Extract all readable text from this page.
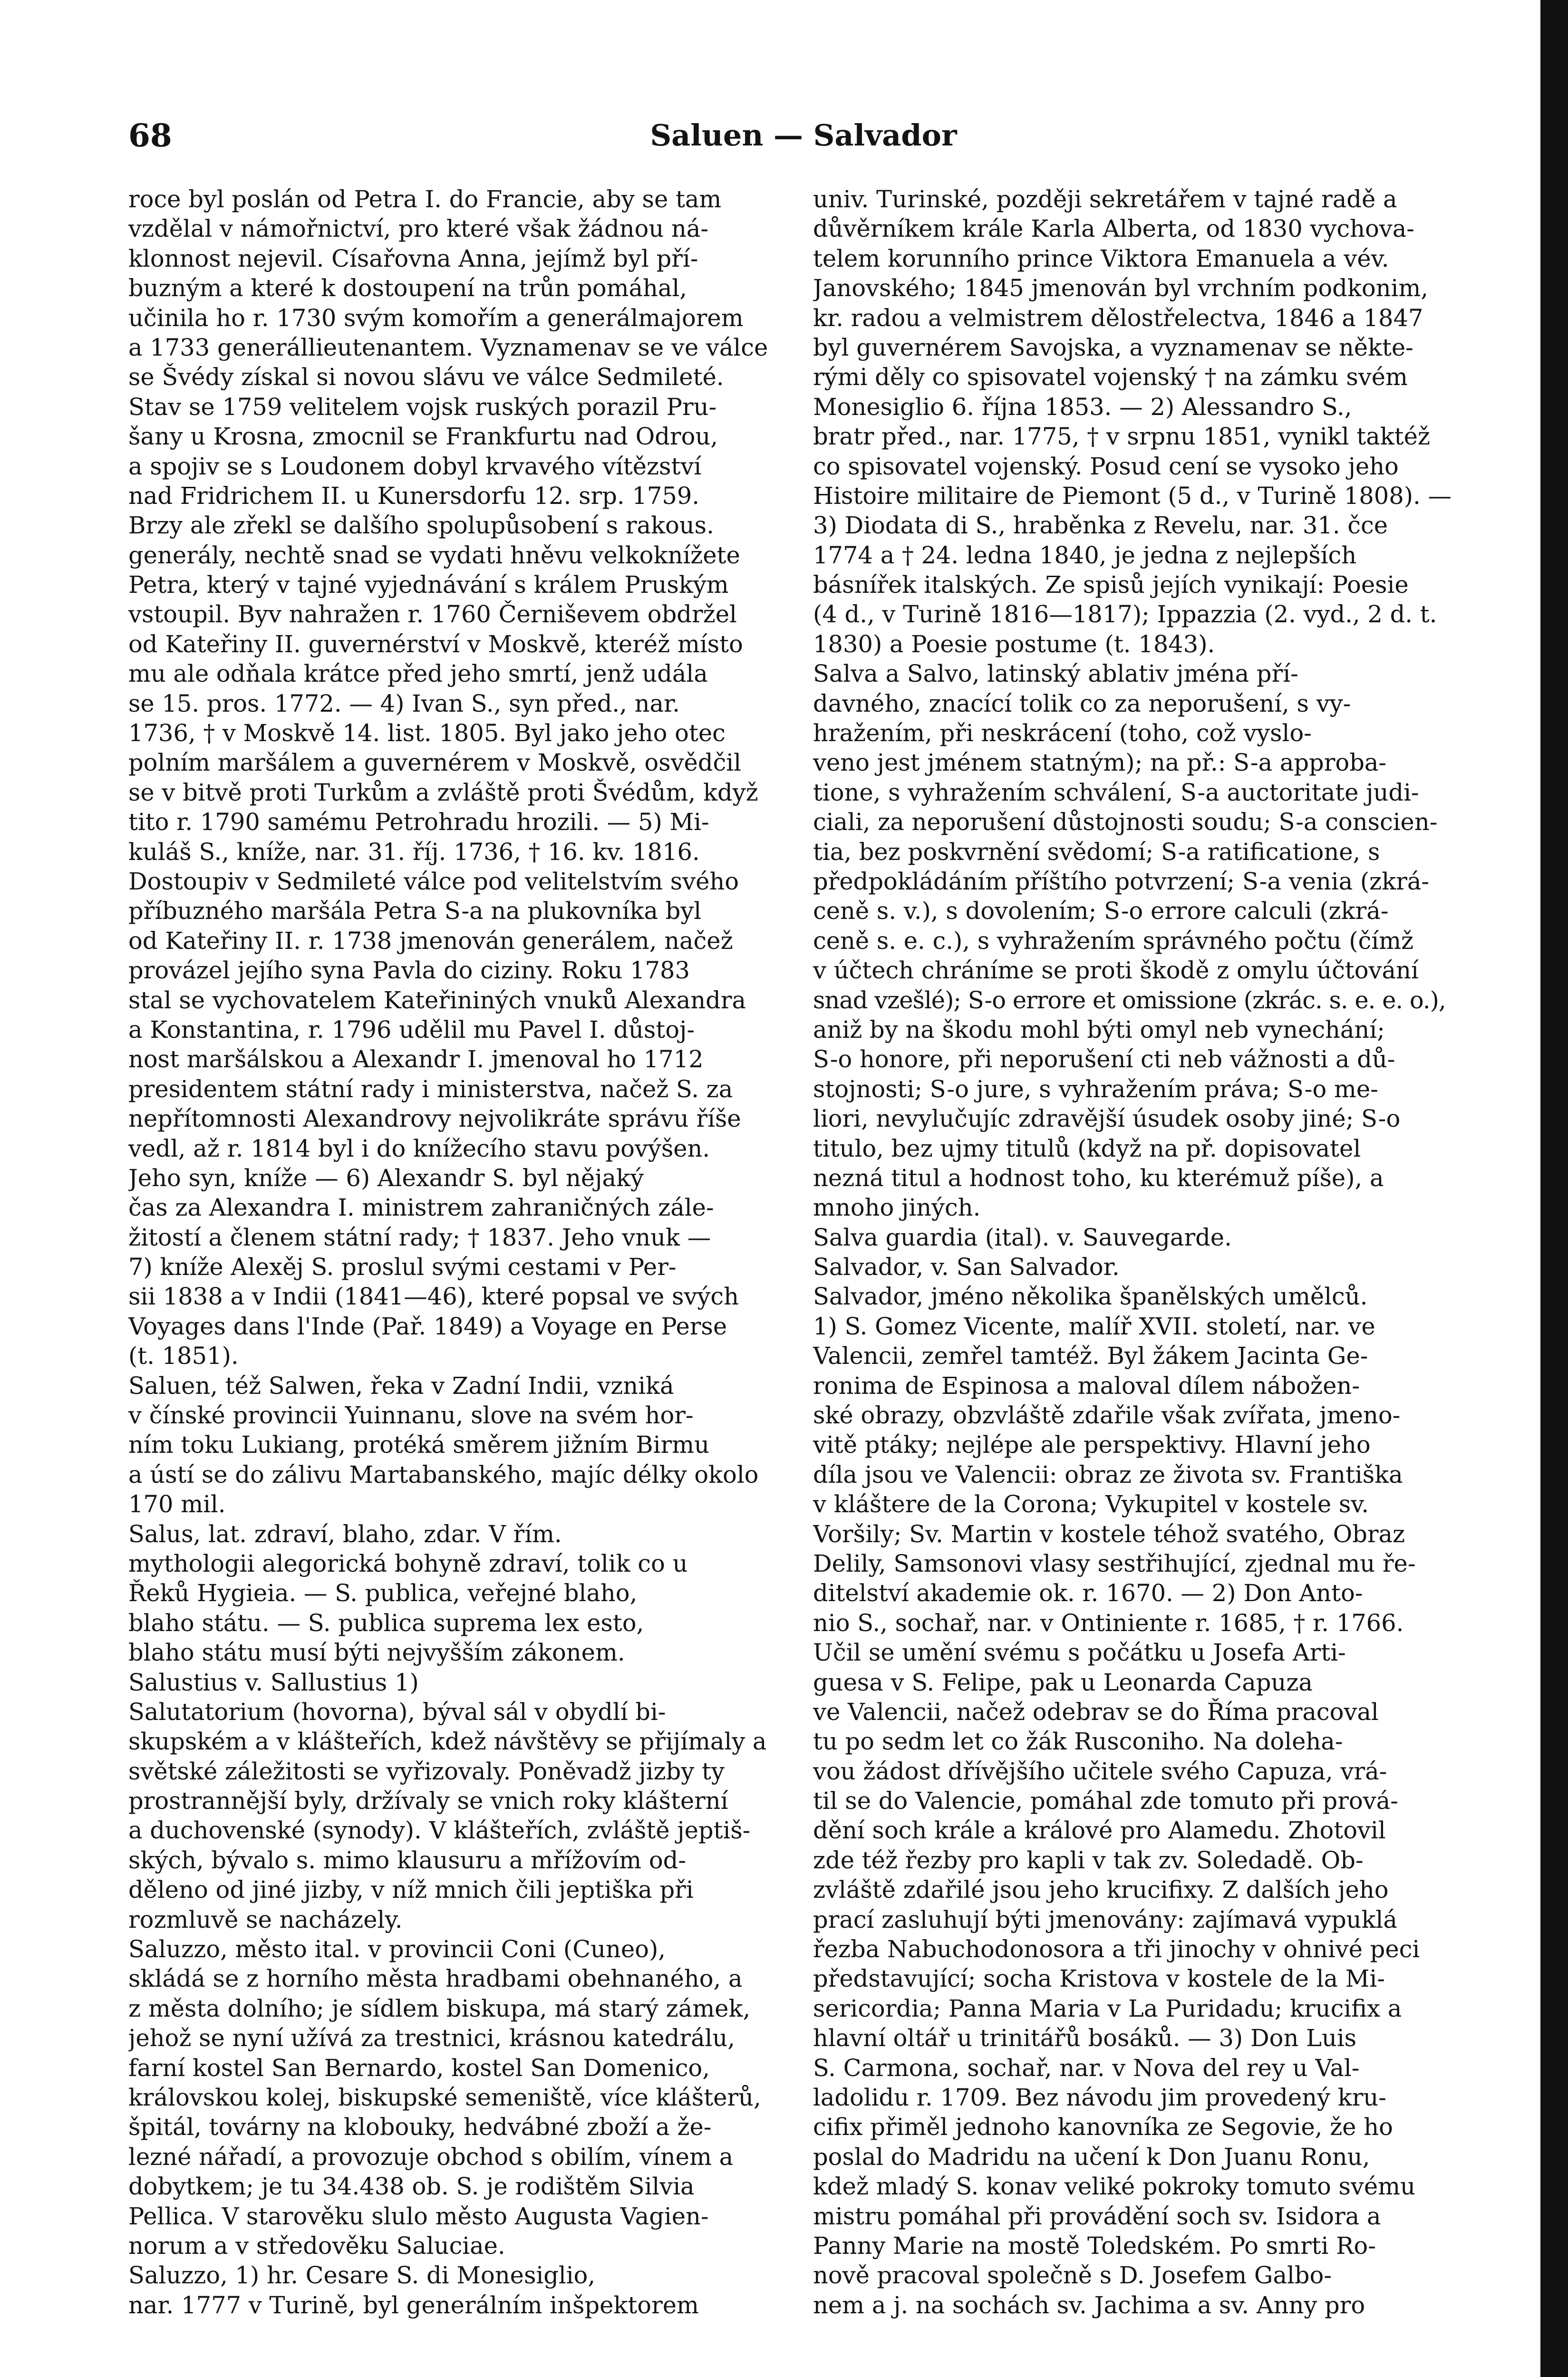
68	Saluen — Salvador
roce byl poslán od Petra I. do Francie, aby se tam
vzdělal v námořnictví, pro které však žádnou ná-
klonnost nejevil. Císařovna Anna, jejímž byl pří-
buzným a které k dostoupení na trůn pomáhal,
učinila ho r. 1730 svým komořím a generálmajorem
a 1733 generállieutenantem. Vyznamenav se ve válce
se Švédy získal si novou slávu ve válce Sedmileté.
Stav se 1759 velitelem vojsk ruských porazil Pru-
šany u Krosna, zmocnil se Frankfurtu nad Odrou,
a spojiv se s Loudonem dobyl krvavého vítězství
nad Fridrichem II. u Kunersdorfu 12. srp. 1759.
Brzy ale zřekl se dalšího spolupůsobení s rakous.
generály, nechtě snad se vydati hněvu velkoknížete
Petra, který v tajné vyjednávání s králem Pruským
vstoupil. Byv nahražen r. 1760 Černiševem obdržel
od Kateřiny II. guvernérství v Moskvě, kteréž místo
mu ale odňala krátce před jeho smrtí, jenž udála
se 15. pros. 1772. — 4) Ivan S., syn před., nar.
1736, † v Moskvě 14. list. 1805. Byl jako jeho otec
polním maršálem a guvernérem v Moskvě, osvědčil
se v bitvě proti Turkům a zvláště proti Švédům, když
tito r. 1790 samému Petrohradu hrozili. — 5) Mi-
kuláš S., kníže, nar. 31. říj. 1736, † 16. kv. 1816.
Dostoupiv v Sedmileté válce pod velitelstvím svého
příbuzného maršála Petra S-a na plukovníka byl
od Kateřiny II. r. 1738 jmenován generálem, načež
provázel jejího syna Pavla do ciziny. Roku 1783
stal se vychovatelem Kateřininých vnuků Alexandra
a Konstantina, r. 1796 udělil mu Pavel I. důstoj-
nost maršálskou a Alexandr I. jmenoval ho 1712
presidentem státní rady i ministerstva, načež S. za
nepřítomnosti Alexandrovy nejvolikráte správu říše
vedl, až r. 1814 byl i do knížecího stavu povýšen.
Jeho syn, kníže — 6) Alexandr S. byl nějaký
čas za Alexandra I. ministrem zahraničných zále-
žitostí a členem státní rady; † 1837. Jeho vnuk —
7) kníže Alexěj S. proslul svými cestami v Per-
sii 1838 a v Indii (1841—46), které popsal ve svých
Voyages dans l'Inde (Pař. 1849) a Voyage en Perse
(t. 1851).
Saluen, též Salwen, řeka v Zadní Indii, vzniká
v čínské provincii Yuinnanu, slove na svém hor-
ním toku Lukiang, protéká směrem jižním Birmu
a ústí se do zálivu Martabanského, majíc délky okolo
170 mil.
Salus, lat. zdraví, blaho, zdar. V řím.
mythologii alegorická bohyně zdraví, tolik co u
Řeků Hygieia. — S. publica, veřejné blaho,
blaho státu. — S. publica suprema lex esto,
blaho státu musí býti nejvyšším zákonem.
Salustius v. Sallustius 1)
Salutatorium (hovorna), býval sál v obydlí bi-
skupském a v klášteřích, kdež návštěvy se přijímaly a
světské záležitosti se vyřizovaly. Poněvadž jizby ty
prostrannější byly, držívaly se vnich roky klášterní
a duchovenské (synody). V klášteřích, zvláště jeptiš-
ských, bývalo s. mimo klausuru a mřížovím od-
děleno od jiné jizby, v níž mnich čili jeptiška při
rozmluvě se nacházely.
Saluzzo, město ital. v provincii Coni (Cuneo),
skládá se z horního města hradbami obehnaného, a
z města dolního; je sídlem biskupa, má starý zámek,
jehož se nyní užívá za trestnici, krásnou katedrálu,
farní kostel San Bernardo, kostel San Domenico,
královskou kolej, biskupské semeniště, více klášterů,
špitál, továrny na klobouky, hedvábné zboží a že-
lezné nářadí, a provozuje obchod s obilím, vínem a
dobytkem; je tu 34.438 ob. S. je rodištěm Silvia
Pellica. V starověku slulo město Augusta Vagien-
norum a v středověku Saluciae.
Saluzzo, 1) hr. Cesare S. di Monesiglio,
nar. 1777 v Turině, byl generálním inšpektorem
univ. Turinské, později sekretářem v tajné radě a
důvěrníkem krále Karla Alberta, od 1830 vychova-
telem korunního prince Viktora Emanuela a vév.
Janovského; 1845 jmenován byl vrchním podkonim,
kr. radou a velmistrem dělostřelectva, 1846 a 1847
byl guvernérem Savojska, a vyznamenav se někte-
rými děly co spisovatel vojenský † na zámku svém
Monesiglio 6. října 1853. — 2) Alessandro S.,
bratr před., nar. 1775, † v srpnu 1851, vynikl taktéž
co spisovatel vojenský. Posud cení se vysoko jeho
Histoire militaire de Piemont (5 d., v Turině 1808). —
3) Diodata di S., hraběnka z Revelu, nar. 31. čce
1774 a † 24. ledna 1840, je jedna z nejlepších
básnířek italských. Ze spisů jejích vynikají: Poesie
(4 d., v Turině 1816—1817); Ippazzia (2. vyd., 2 d. t.
1830) a Poesie postume (t. 1843).
Salva a Salvo, latinský ablativ jména pří-
davného, znacící tolik co za neporušení, s vy-
hražením, při neskrácení (toho, což vyslo-
veno jest jménem statným); na př.: S-a approba-
tione, s vyhražením schválení, S-a auctoritate judi-
ciali, za neporušení důstojnosti soudu; S-a conscien-
tia, bez poskvrnění svědomí; S-a ratificatione, s
předpokládáním příštího potvrzení; S-a venia (zkrá-
ceně s. v.), s dovolením; S-o errore calculi (zkrá-
ceně s. e. c.), s vyhražením správného počtu (čímž
v účtech chráníme se proti škodě z omylu účtování
snad vzešlé); S-o errore et omissione (zkrác. s. e. e. o.),
aniž by na škodu mohl býti omyl neb vynechání;
S-o honore, při neporušení cti neb vážnosti a dů-
stojnosti; S-o jure, s vyhražením práva; S-o me-
liori, nevylučujíc zdravější úsudek osoby jiné; S-o
titulo, bez ujmy titulů (když na př. dopisovatel
nezná titul a hodnost toho, ku kterémuž píše), a
mnoho jiných.
Salva guardia (ital). v. Sauvegarde.
Salvador, v. San Salvador.
Salvador, jméno několika španělských umělců.
1) S. Gomez Vicente, malíř XVII. století, nar. ve
Valencii, zemřel tamtéž. Byl žákem Jacinta Ge-
ronima de Espinosa a maloval dílem nábožen-
ské obrazy, obzvláště zdařile však zvířata, jmeno-
vitě ptáky; nejlépe ale perspektivy. Hlavní jeho
díla jsou ve Valencii: obraz ze života sv. Františka
v kláštere de la Corona; Vykupitel v kostele sv.
Voršily; Sv. Martin v kostele téhož svatého, Obraz
Delily, Samsonovi vlasy sestřihující, zjednal mu ře-
ditelství akademie ok. r. 1670. — 2) Don Anto-
nio S., sochař, nar. v Ontiniente r. 1685, † r. 1766.
Učil se umění svému s počátku u Josefa Arti-
guesa v S. Felipe, pak u Leonarda Capuza
ve Valencii, načež odebrav se do Říma pracoval
tu po sedm let co žák Rusconiho. Na doleha-
vou žádost dřívějšího učitele svého Capuza, vrá-
til se do Valencie, pomáhal zde tomuto při prová-
dění soch krále a králové pro Alamedu. Zhotovil
zde též řezby pro kapli v tak zv. Soledadě. Ob-
zvláště zdařilé jsou jeho krucifixy. Z dalších jeho
prací zasluhují býti jmenovány: zajímavá vypuklá
řezba Nabuchodonosora a tři jinochy v ohnivé peci
představující; socha Kristova v kostele de la Mi-
sericordia; Panna Maria v La Puridadu; krucifix a
hlavní oltář u trinitářů bosáků. — 3) Don Luis
S. Carmona, sochař, nar. v Nova del rey u Val-
ladolidu r. 1709. Bez návodu jim provedený kru-
cifix přiměl jednoho kanovníka ze Segovie, že ho
poslal do Madridu na učení k Don Juanu Ronu,
kdež mladý S. konav veliké pokroky tomuto svému
mistru pomáhal při provádění soch sv. Isidora a
Panny Marie na mostě Toledském. Po smrti Ro-
nově pracoval společně s D. Josefem Galbo-
nem a j. na sochách sv. Jachima a sv. Anny pro
